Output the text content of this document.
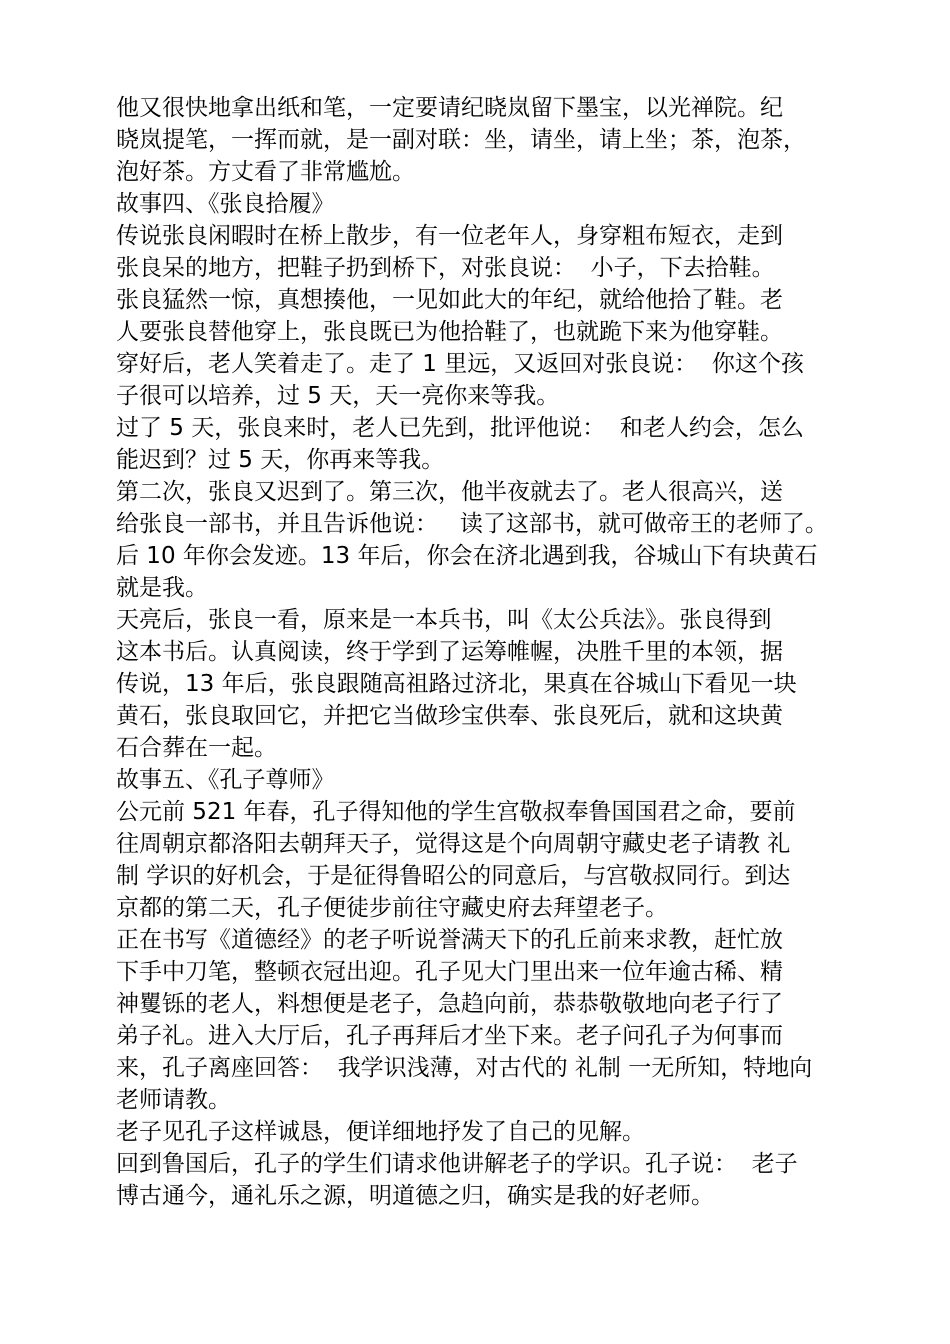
他又很快地拿出纸和笔，一定要请纪晓岚留下墨宝，以光禅院。纪
晓岚提笔，一挥而就，是一副对联：坐，请坐，请上坐；茶，泡茶，
泡好茶。方丈看了非常尴尬。
故事四、《张良拾履》
传说张良闲暇时在桥上散步，有一位老年人，身穿粗布短衣，走到
张良呆的地方，把鞋子扔到桥下，对张良说：  小子，下去拾鞋。
张良猛然一惊，真想揍他，一见如此大的年纪，就给他拾了鞋。老
人要张良替他穿上，张良既已为他拾鞋了，也就跪下来为他穿鞋。
穿好后，老人笑着走了。走了 1 里远，又返回对张良说：  你这个孩
子很可以培养，过 5 天，天一亮你来等我。
过了 5 天，张良来时，老人已先到，批评他说：  和老人约会，怎么
能迟到？过 5 天，你再来等我。
第二次，张良又迟到了。第三次，他半夜就去了。老人很高兴，送
给张良一部书，并且告诉他说：   读了这部书，就可做帝王的老师了。
后 10 年你会发迹。13 年后，你会在济北遇到我，谷城山下有块黄石
就是我。
天亮后，张良一看，原来是一本兵书，叫《太公兵法》。张良得到
这本书后。认真阅读，终于学到了运筹帷幄，决胜千里的本领，据
传说，13 年后，张良跟随高祖路过济北，果真在谷城山下看见一块
黄石，张良取回它，并把它当做珍宝供奉、张良死后，就和这块黄
石合葬在一起。
故事五、《孔子尊师》
公元前 521 年春，孔子得知他的学生宫敬叔奉鲁国国君之命，要前
往周朝京都洛阳去朝拜天子，觉得这是个向周朝守藏史老子请教 礼
制 学识的好机会，于是征得鲁昭公的同意后，与宫敬叔同行。到达
京都的第二天，孔子便徒步前往守藏史府去拜望老子。
正在书写《道德经》的老子听说誉满天下的孔丘前来求教，赶忙放
下手中刀笔，整顿衣冠出迎。孔子见大门里出来一位年逾古稀、精
神矍铄的老人，料想便是老子，急趋向前，恭恭敬敬地向老子行了
弟子礼。进入大厅后，孔子再拜后才坐下来。老子问孔子为何事而
来，孔子离座回答：  我学识浅薄，对古代的 礼制 一无所知，特地向
老师请教。
老子见孔子这样诚恳，便详细地抒发了自己的见解。
回到鲁国后，孔子的学生们请求他讲解老子的学识。孔子说：  老子
博古通今，通礼乐之源，明道德之归，确实是我的好老师。
